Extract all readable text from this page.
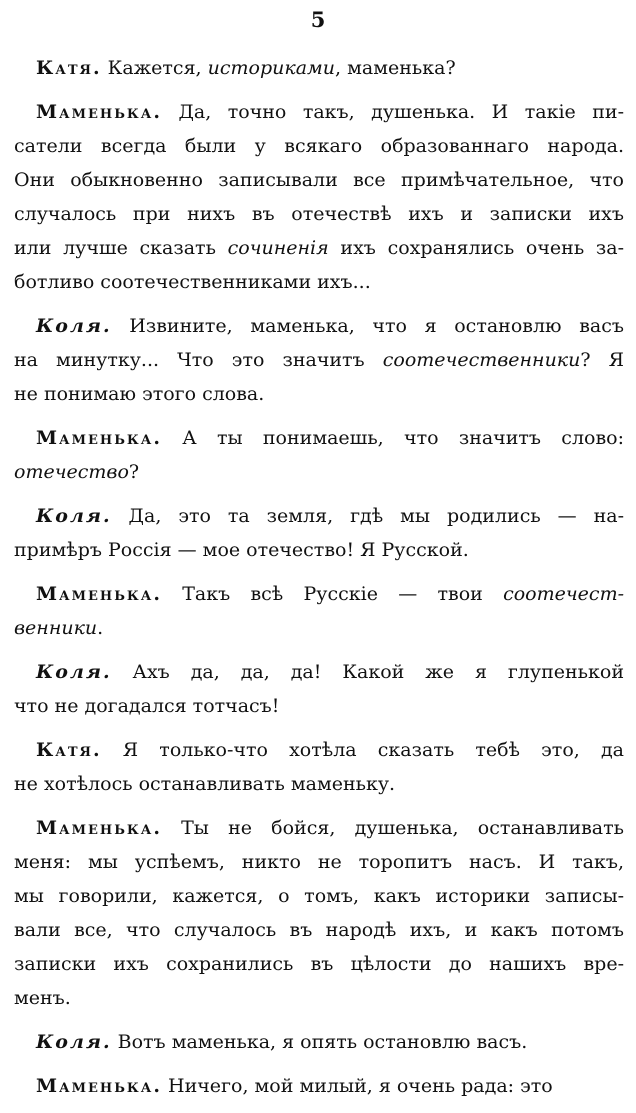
5
Катя. Кажется, историками, маменька?
Маменька. Да, точно такъ, душенька. И такіе пи-
сатели всегда были у всякаго образованнаго народа.
Они обыкновенно записывали все примѣчательное, что
случалось при нихъ въ отечествѣ ихъ и записки ихъ
или лучше сказать сочиненія ихъ сохранялись очень за-
ботливо соотечественниками ихъ...
Коля. Извините, маменька, что я остановлю васъ
на минутку... Что это значитъ соотечественники? Я
не понимаю этого слова.
Маменька. А ты понимаешь, что значитъ слово:
отечество?
Коля. Да, это та земля, гдѣ мы родились — на-
примѣръ Россія — мое отечество! Я Русской.
Маменька. Такъ всѣ Русскіе — твои соотечест-
венники.
Коля. Ахъ да, да, да! Какой же я глупенькой
что не догадался тотчасъ!
Катя. Я только-что хотѣла сказать тебѣ это, да
не хотѣлось останавливать маменьку.
Маменька. Ты не бойся, душенька, останавливать
меня: мы успѣемъ, никто не торопитъ насъ. И такъ,
мы говорили, кажется, о томъ, какъ историки записы-
вали все, что случалось въ народѣ ихъ, и какъ потомъ
записки ихъ сохранились въ цѣлости до нашихъ вре-
менъ.
Коля. Вотъ маменька, я опять остановлю васъ.
Маменька. Ничего, мой милый, я очень рада: это
